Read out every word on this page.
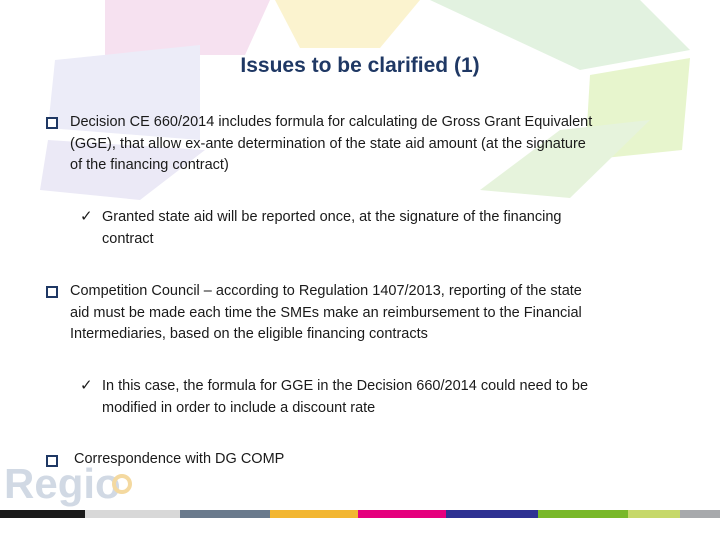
Issues to be clarified (1)
Decision CE 660/2014 includes formula for calculating de Gross Grant Equivalent
(GGE), that allow ex-ante determination of the state aid amount (at the signature
of the financing contract)
✓ Granted state aid will be reported once, at the signature of the financing
contract
Competition Council – according to Regulation 1407/2013, reporting of the state
aid must be made each time the SMEs make an reimbursement to the Financial
Intermediaries, based on the eligible financing contracts
✓ In this case, the formula for GGE in the Decision 660/2014 could need to be
modified in order to include a discount rate
Correspondence with DG COMP
Regio
